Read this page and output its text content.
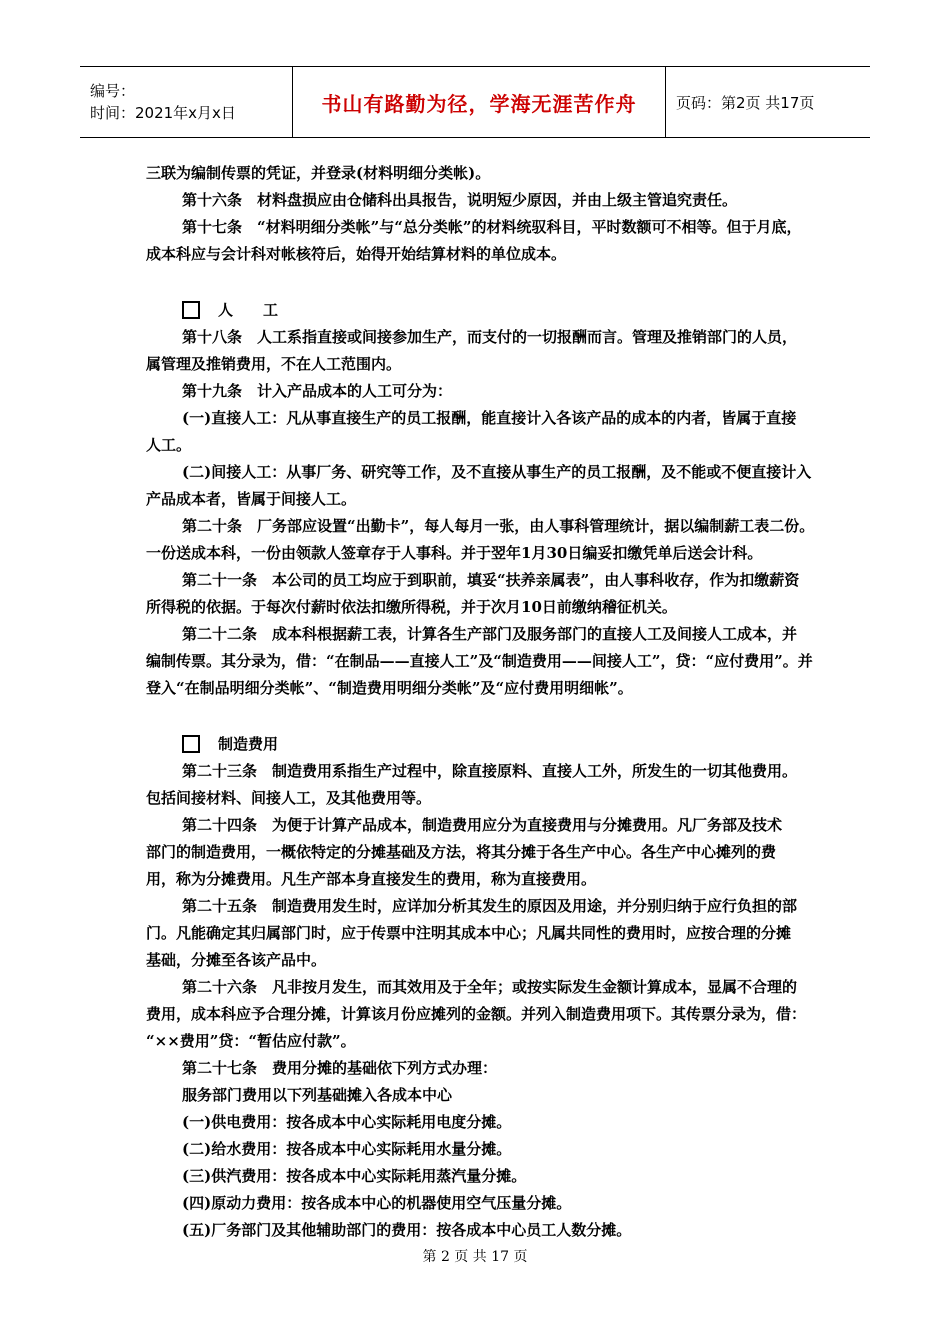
编号：
时间：2021年x月x日	书山有路勤为径，学海无涯苦作舟	页码：第2页 共17页

三联为编制传票的凭证，并登录(材料明细分类帐)。

第十六条　材料盘损应由仓储科出具报告，说明短少原因，并由上级主管追究责任。

第十七条　“材料明细分类帐”与“总分类帐”的材料统驭科目，平时数额可不相等。但于月底，

成本科应与会计科对帐核符后，始得开始结算材料的单位成本。

人　　工

第十八条　人工系指直接或间接参加生产，而支付的一切报酬而言。管理及推销部门的人员，

属管理及推销费用，不在人工范围内。

第十九条　计入产品成本的人工可分为：

(一)直接人工：凡从事直接生产的员工报酬，能直接计入各该产品的成本的内者，皆属于直接

人工。

(二)间接人工：从事厂务、研究等工作，及不直接从事生产的员工报酬，及不能或不便直接计入

产品成本者，皆属于间接人工。

第二十条　厂务部应设置“出勤卡”，每人每月一张，由人事科管理统计，据以编制薪工表二份。

一份送成本科，一份由领款人签章存于人事科。并于翌年1月30日编妥扣缴凭单后送会计科。

第二十一条　本公司的员工均应于到职前，填妥“扶养亲属表”，由人事科收存，作为扣缴薪资

所得税的依据。于每次付薪时依法扣缴所得税，并于次月10日前缴纳稽征机关。

第二十二条　成本科根据薪工表，计算各生产部门及服务部门的直接人工及间接人工成本，并

编制传票。其分录为，借：“在制品——直接人工”及“制造费用——间接人工”，贷：“应付费用”。并

登入“在制品明细分类帐”、“制造费用明细分类帐”及“应付费用明细帐”。

制造费用

第二十三条　制造费用系指生产过程中，除直接原料、直接人工外，所发生的一切其他费用。

包括间接材料、间接人工，及其他费用等。

第二十四条　为便于计算产品成本，制造费用应分为直接费用与分摊费用。凡厂务部及技术

部门的制造费用，一概依特定的分摊基础及方法，将其分摊于各生产中心。各生产中心摊列的费

用，称为分摊费用。凡生产部本身直接发生的费用，称为直接费用。

第二十五条　制造费用发生时，应详加分析其发生的原因及用途，并分别归纳于应行负担的部

门。凡能确定其归属部门时，应于传票中注明其成本中心；凡属共同性的费用时，应按合理的分摊

基础，分摊至各该产品中。

第二十六条　凡非按月发生，而其效用及于全年；或按实际发生金额计算成本，显属不合理的

费用，成本科应予合理分摊，计算该月份应摊列的金额。并列入制造费用项下。其传票分录为，借：

“××费用”贷：“暂估应付款”。

第二十七条　费用分摊的基础依下列方式办理：

服务部门费用以下列基础摊入各成本中心

(一)供电费用：按各成本中心实际耗用电度分摊。

(二)给水费用：按各成本中心实际耗用水量分摊。

(三)供汽费用：按各成本中心实际耗用蒸汽量分摊。

(四)原动力费用：按各成本中心的机器使用空气压量分摊。

(五)厂务部门及其他辅助部门的费用：按各成本中心员工人数分摊。

第 2 页 共 17 页
